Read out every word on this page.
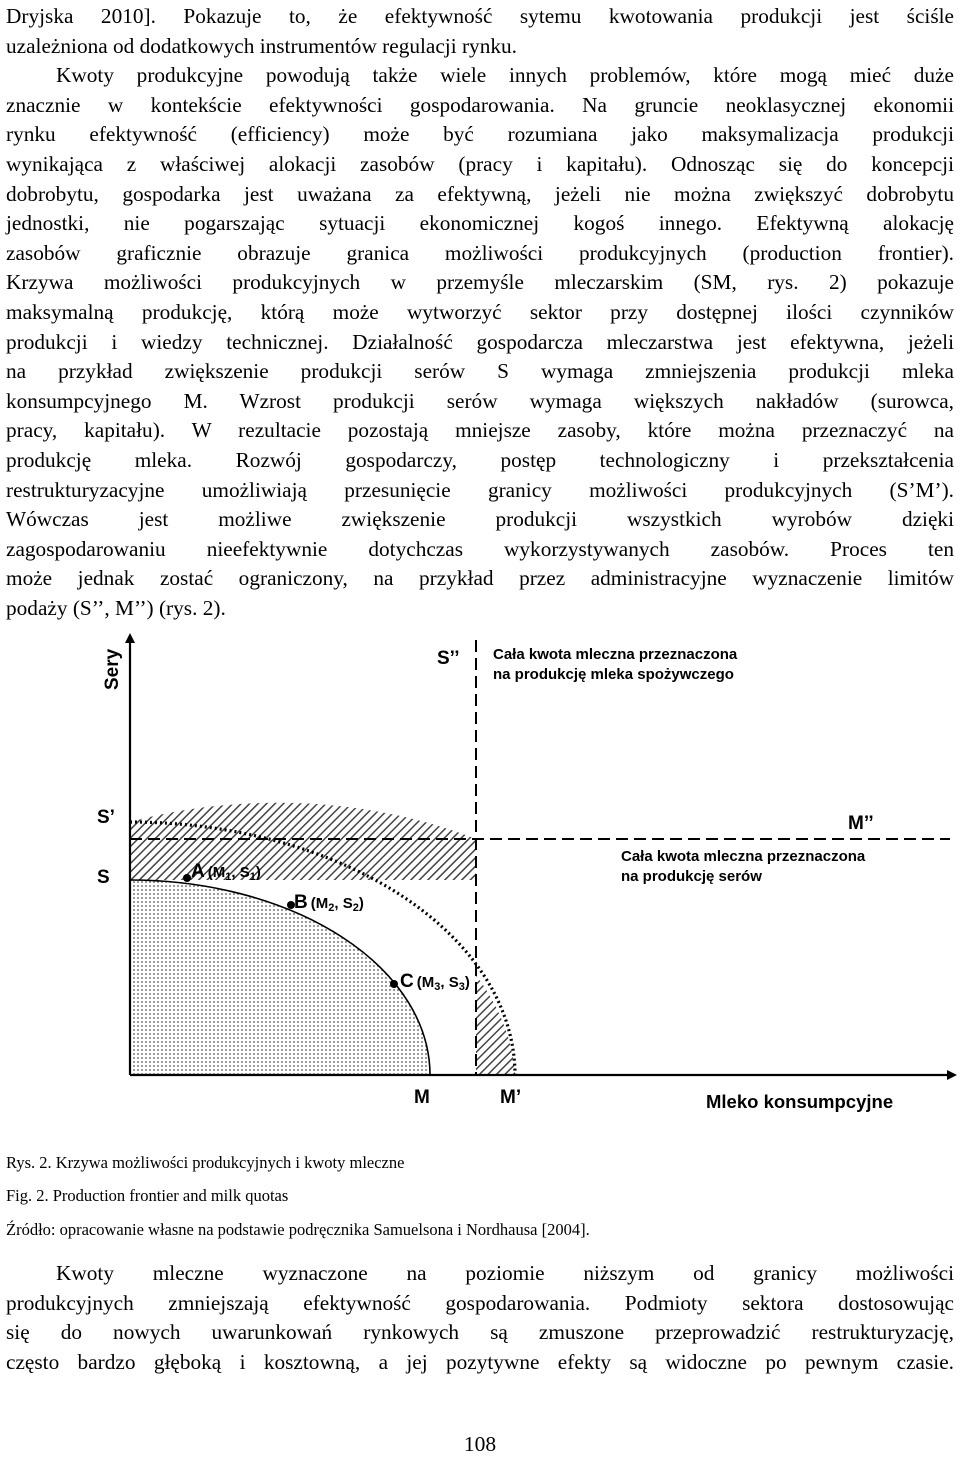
Dryjska 2010]. Pokazuje to, że efektywność sytemu kwotowania produkcji jest ściśle
uzależniona od dodatkowych instrumentów regulacji rynku.
Kwoty produkcyjne powodują także wiele innych problemów, które mogą mieć duże
znacznie w kontekście efektywności gospodarowania. Na gruncie neoklasycznej ekonomii
rynku efektywność (efficiency) może być rozumiana jako maksymalizacja produkcji
wynikająca z właściwej alokacji zasobów (pracy i kapitału). Odnosząc się do koncepcji
dobrobytu, gospodarka jest uważana za efektywną, jeżeli nie można zwiększyć dobrobytu
jednostki, nie pogarszając sytuacji ekonomicznej kogoś innego. Efektywną alokację
zasobów graficznie obrazuje granica możliwości produkcyjnych (production frontier).
Krzywa możliwości produkcyjnych w przemyśle mleczarskim (SM, rys. 2) pokazuje
maksymalną produkcję, którą może wytworzyć sektor przy dostępnej ilości czynników
produkcji i wiedzy technicznej. Działalność gospodarcza mleczarstwa jest efektywna, jeżeli
na przykład zwiększenie produkcji serów S wymaga zmniejszenia produkcji mleka
konsumpcyjnego M. Wzrost produkcji serów wymaga większych nakładów (surowca,
pracy, kapitału). W rezultacie pozostają mniejsze zasoby, które można przeznaczyć na
produkcję mleka. Rozwój gospodarczy, postęp technologiczny i przekształcenia
restrukturyzacyjne umożliwiają przesunięcie granicy możliwości produkcyjnych (S’M’).
Wówczas jest możliwe zwiększenie produkcji wszystkich wyrobów dzięki
zagospodarowaniu nieefektywnie dotychczas wykorzystywanych zasobów. Proces ten
może jednak zostać ograniczony, na przykład przez administracyjne wyznaczenie limitów
podaży (S’’, M’’) (rys. 2).
Sery
Mleko konsumpcyjne
S’’
M’’
S’
S
M	M’
Cała kwota mleczna przeznaczona
na produkcję mleka spożywczego
Cała kwota mleczna przeznaczona
na produkcję serów
A (M1, S1)
B (M2, S2)
C (M3, S3)

Rys. 2. Krzywa możliwości produkcyjnych i kwoty mleczne

Fig. 2. Production frontier and milk quotas

Źródło: opracowanie własne na podstawie podręcznika Samuelsona i Nordhausa [2004].

Kwoty mleczne wyznaczone na poziomie niższym od granicy możliwości
produkcyjnych zmniejszają efektywność gospodarowania. Podmioty sektora dostosowując
się do nowych uwarunkowań rynkowych są zmuszone przeprowadzić restrukturyzację,
często bardzo głęboką i kosztowną, a jej pozytywne efekty są widoczne po pewnym czasie.
108
